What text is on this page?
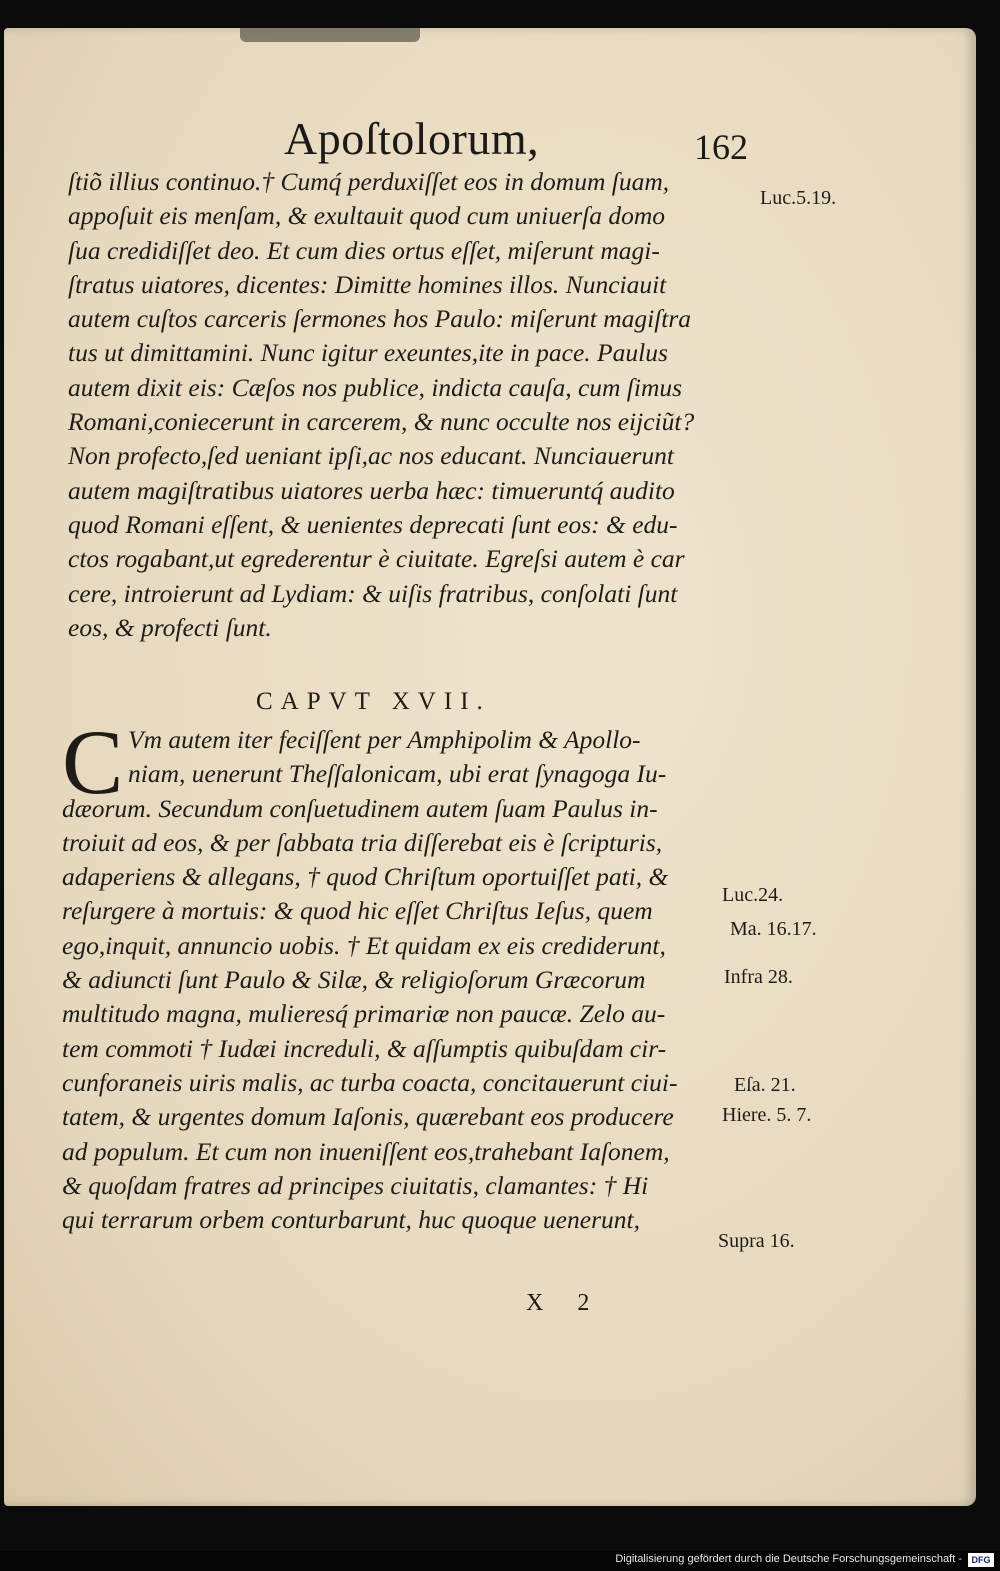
Apoſtolorum,	162
ſtiõ illius continuo.† Cumq́ perduxiſſet eos in domum ſuam,
appoſuit eis menſam, & exultauit quod cum uniuerſa domo
ſua credidiſſet deo. Et cum dies ortus eſſet, miſerunt magi-
ſtratus uiatores, dicentes: Dimitte homines illos. Nunciauit
autem cuſtos carceris ſermones hos Paulo: miſerunt magiſtra
tus ut dimittamini. Nunc igitur exeuntes,ite in pace. Paulus
autem dixit eis: Cæſos nos publice, indicta cauſa, cum ſimus
Romani,coniecerunt in carcerem, & nunc occulte nos eijciũt?
Non profecto,ſed ueniant ipſi,ac nos educant. Nunciauerunt
autem magiſtratibus uiatores uerba hæc: timueruntq́ audito
quod Romani eſſent, & uenientes deprecati ſunt eos: & edu-
ctos rogabant,ut egrederentur è ciuitate. Egreſsi autem è car
cere, introierunt ad Lydiam: & uiſis fratribus, conſolati ſunt
eos, & profecti ſunt.
CAPVT XVII.
C Vm autem iter feciſſent per Amphipolim & Apollo-
niam, uenerunt Theſſalonicam, ubi erat ſynagoga Iu-
dæorum. Secundum conſuetudinem autem ſuam Paulus in-
troiuit ad eos, & per ſabbata tria diſſerebat eis è ſcripturis,
adaperiens & allegans, † quod Chriſtum oportuiſſet pati, &
reſurgere à mortuis: & quod hic eſſet Chriſtus Ieſus, quem
ego,inquit, annuncio uobis. † Et quidam ex eis crediderunt,
& adiuncti ſunt Paulo & Silæ, & religioſorum Græcorum
multitudo magna, mulieresq́ primariæ non paucæ. Zelo au-
tem commoti † Iudæi increduli, & aſſumptis quibuſdam cir-
cunforaneis uiris malis, ac turba coacta, concitauerunt ciui-
tatem, & urgentes domum Iaſonis, quærebant eos producere
ad populum. Et cum non inueniſſent eos,trahebant Iaſonem,
& quoſdam fratres ad principes ciuitatis, clamantes: † Hi
qui terrarum orbem conturbarunt, huc quoque uenerunt,
Luc.5.19.
Luc.24.
Ma. 16.17.
Infra 28.
Eſa. 21.
Hiere. 5. 7.
Supra 16.
X 2
Digitalisierung gefördert durch die Deutsche Forschungsgemeinschaft -	DFG
